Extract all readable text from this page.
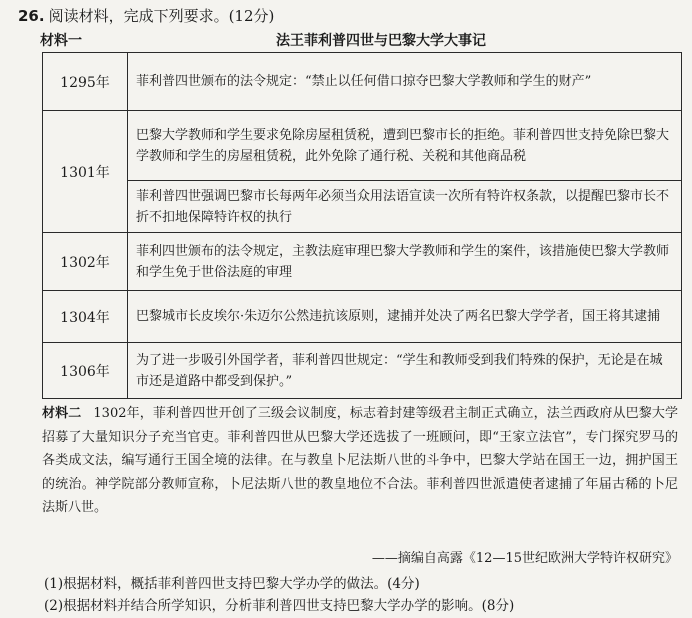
26. 阅读材料，完成下列要求。(12分)
材料一	法王菲利普四世与巴黎大学大事记
1295年	菲利普四世颁布的法令规定：“禁止以任何借口掠夺巴黎大学教师和学生的财产”
1301年	巴黎大学教师和学生要求免除房屋租赁税，遭到巴黎市长的拒绝。菲利普四世支持免除巴黎大学教师和学生的房屋租赁税，此外免除了通行税、关税和其他商品税
	菲利普四世强调巴黎市长每两年必须当众用法语宣读一次所有特许权条款，以提醒巴黎市长不折不扣地保障特许权的执行
1302年	菲利四世颁布的法令规定，主教法庭审理巴黎大学教师和学生的案件，该措施使巴黎大学教师和学生免于世俗法庭的审理
1304年	巴黎城市长皮埃尔·朱迈尔公然违抗该原则，逮捕并处决了两名巴黎大学学者，国王将其逮捕
1306年	为了进一步吸引外国学者，菲利普四世规定：“学生和教师受到我们特殊的保护，无论是在城市还是道路中都受到保护。”
材料二 1302年，菲利普四世开创了三级会议制度，标志着封建等级君主制正式确立，法兰西政府从巴黎大学招募了大量知识分子充当官吏。菲利普四世从巴黎大学还选拔了一班顾问，即“王家立法官”，专门探究罗马的各类成文法，编写通行王国全境的法律。在与教皇卜尼法斯八世的斗争中，巴黎大学站在国王一边，拥护国王的统治。神学院部分教师宣称，卜尼法斯八世的教皇地位不合法。菲利普四世派遣使者逮捕了年届古稀的卜尼法斯八世。
——摘编自高露《12—15世纪欧洲大学特许权研究》
(1)根据材料，概括菲利普四世支持巴黎大学办学的做法。(4分)
(2)根据材料并结合所学知识，分析菲利普四世支持巴黎大学办学的影响。(8分)
